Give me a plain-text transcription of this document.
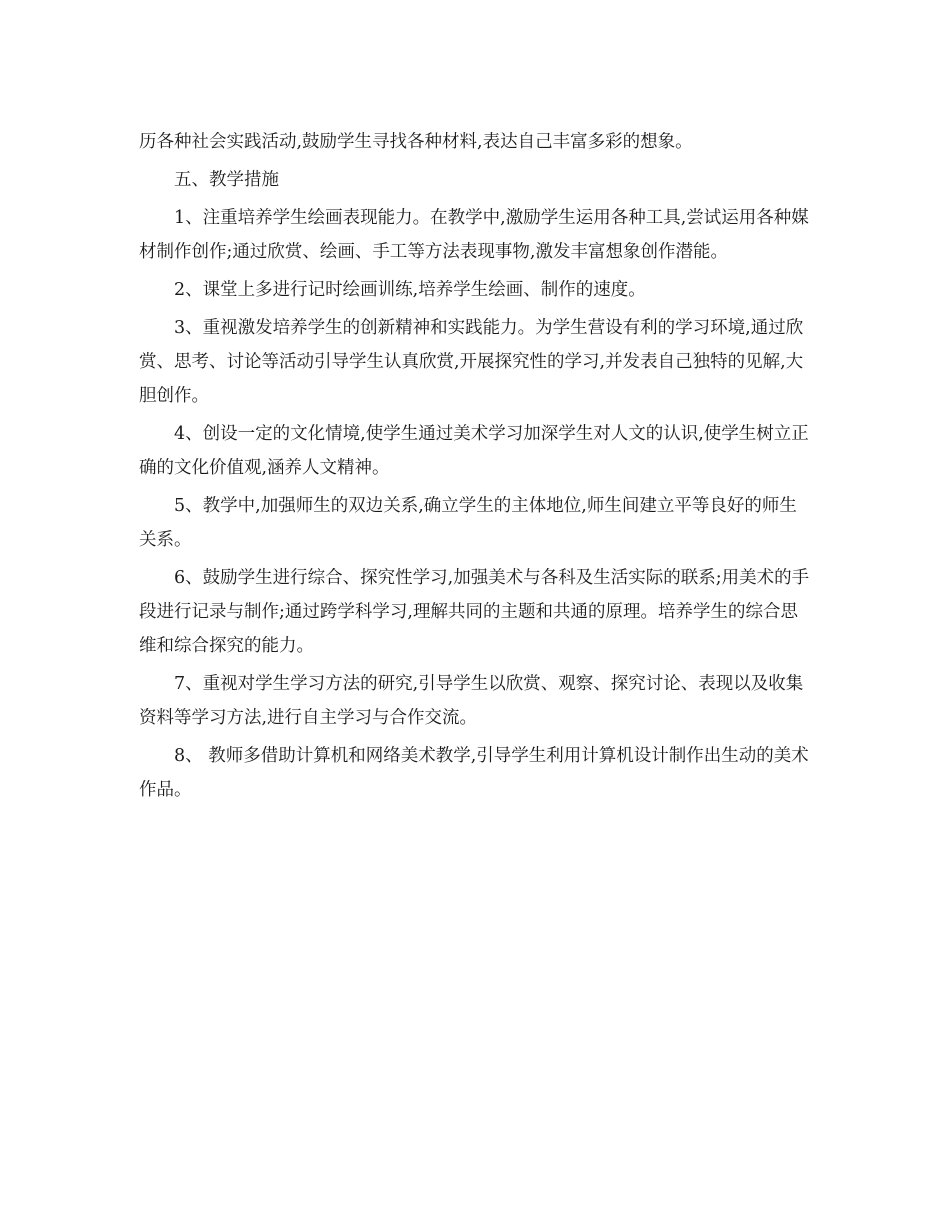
历各种社会实践活动,鼓励学生寻找各种材料,表达自己丰富多彩的想象。

五、教学措施

1、注重培养学生绘画表现能力。在教学中,激励学生运用各种工具,尝试运用各种媒材制作创作;通过欣赏、绘画、手工等方法表现事物,激发丰富想象创作潜能。

2、课堂上多进行记时绘画训练,培养学生绘画、制作的速度。

3、重视激发培养学生的创新精神和实践能力。为学生营设有利的学习环境,通过欣赏、思考、讨论等活动引导学生认真欣赏,开展探究性的学习,并发表自己独特的见解,大胆创作。

4、创设一定的文化情境,使学生通过美术学习加深学生对人文的认识,使学生树立正确的文化价值观,涵养人文精神。

5、教学中,加强师生的双边关系,确立学生的主体地位,师生间建立平等良好的师生关系。

6、鼓励学生进行综合、探究性学习,加强美术与各科及生活实际的联系;用美术的手段进行记录与制作;通过跨学科学习,理解共同的主题和共通的原理。培养学生的综合思维和综合探究的能力。

7、重视对学生学习方法的研究,引导学生以欣赏、观察、探究讨论、表现以及收集资料等学习方法,进行自主学习与合作交流。

8、 教师多借助计算机和网络美术教学,引导学生利用计算机设计制作出生动的美术作品。
